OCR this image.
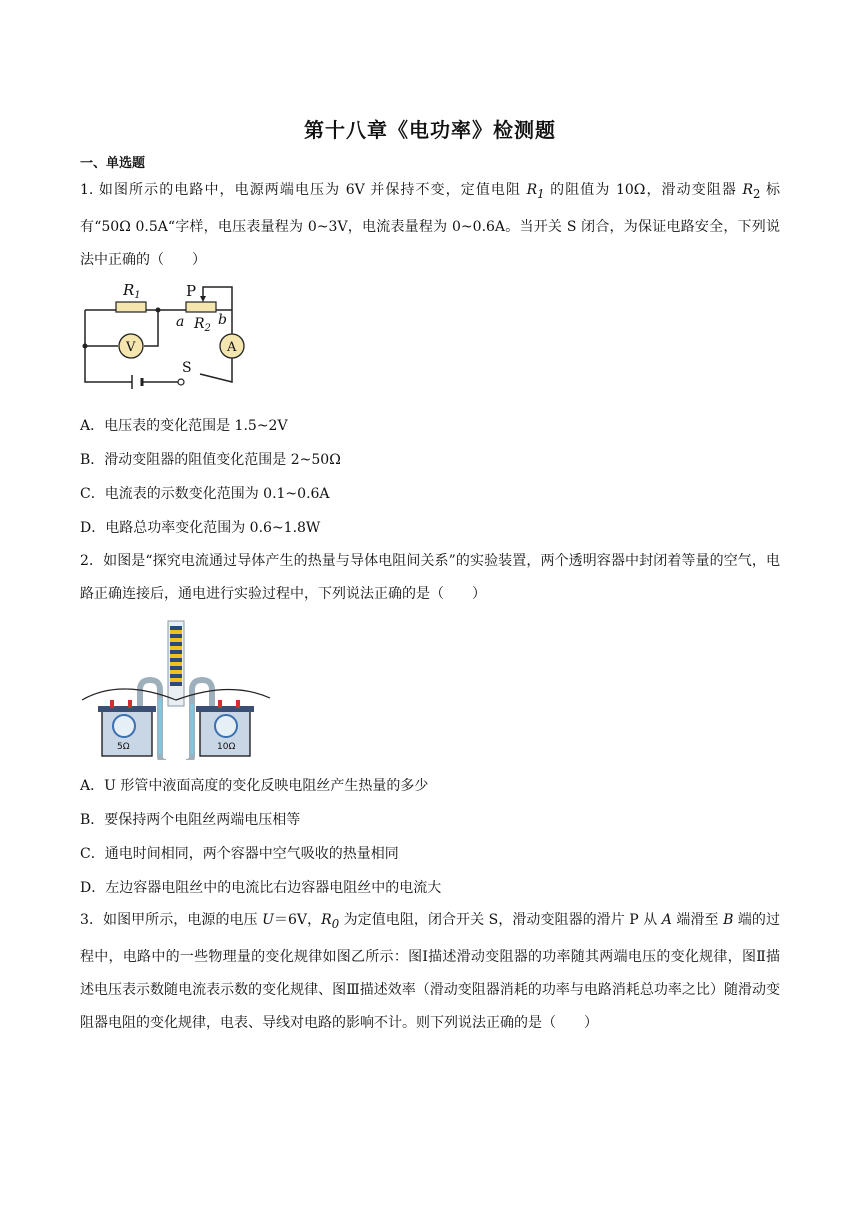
第十八章《电功率》检测题
一、单选题
1. 如图所示的电路中，电源两端电压为 6V 并保持不变，定值电阻 $R_1$ 的阻值为 10Ω，滑动变阻器 $R_2$ 标有“50Ω 0.5A“字样，电压表量程为 0~3V，电流表量程为 0~0.6A。当开关 S 闭合，为保证电路安全，下列说法中正确的（　　）
$R_1$	P
a $R_2$
b
V	A
S
A．电压表的变化范围是 1.5~2V
B．滑动变阻器的阻值变化范围是 2~50Ω
C．电流表的示数变化范围为 0.1~0.6A
D．电路总功率变化范围为 0.6~1.8W
2．如图是“探究电流通过导体产生的热量与导体电阻间关系”的实验装置，两个透明容器中封闭着等量的空气，电路正确连接后，通电进行实验过程中，下列说法正确的是（　　）
5Ω	10Ω
A．U 形管中液面高度的变化反映电阻丝产生热量的多少
B．要保持两个电阻丝两端电压相等
C．通电时间相同，两个容器中空气吸收的热量相同
D．左边容器电阻丝中的电流比右边容器电阻丝中的电流大
3．如图甲所示，电源的电压 U＝6V，$R_0$ 为定值电阻，闭合开关 S，滑动变阻器的滑片 P 从 A 端滑至 B 端的过程中，电路中的一些物理量的变化规律如图乙所示：图Ⅰ描述滑动变阻器的功率随其两端电压的变化规律，图Ⅱ描述电压表示数随电流表示数的变化规律、图Ⅲ描述效率（滑动变阻器消耗的功率与电路消耗总功率之比）随滑动变阻器电阻的变化规律，电表、导线对电路的影响不计。则下列说法正确的是（　　）
